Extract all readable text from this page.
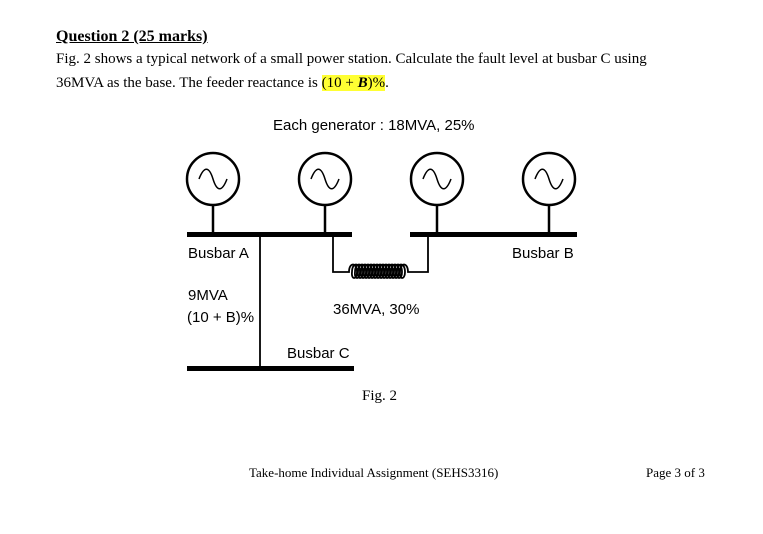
Question 2 (25 marks)
Fig. 2 shows a typical network of a small power station. Calculate the fault level at busbar C using
36MVA as the base. The feeder reactance is (10 + B)%.
Each generator : 18MVA, 25%
Busbar A	Busbar B
9MVA
(10 + B)%	36MVA, 30%
Busbar C
Fig. 2
Take-home Individual Assignment (SEHS3316)	Page 3 of 3
